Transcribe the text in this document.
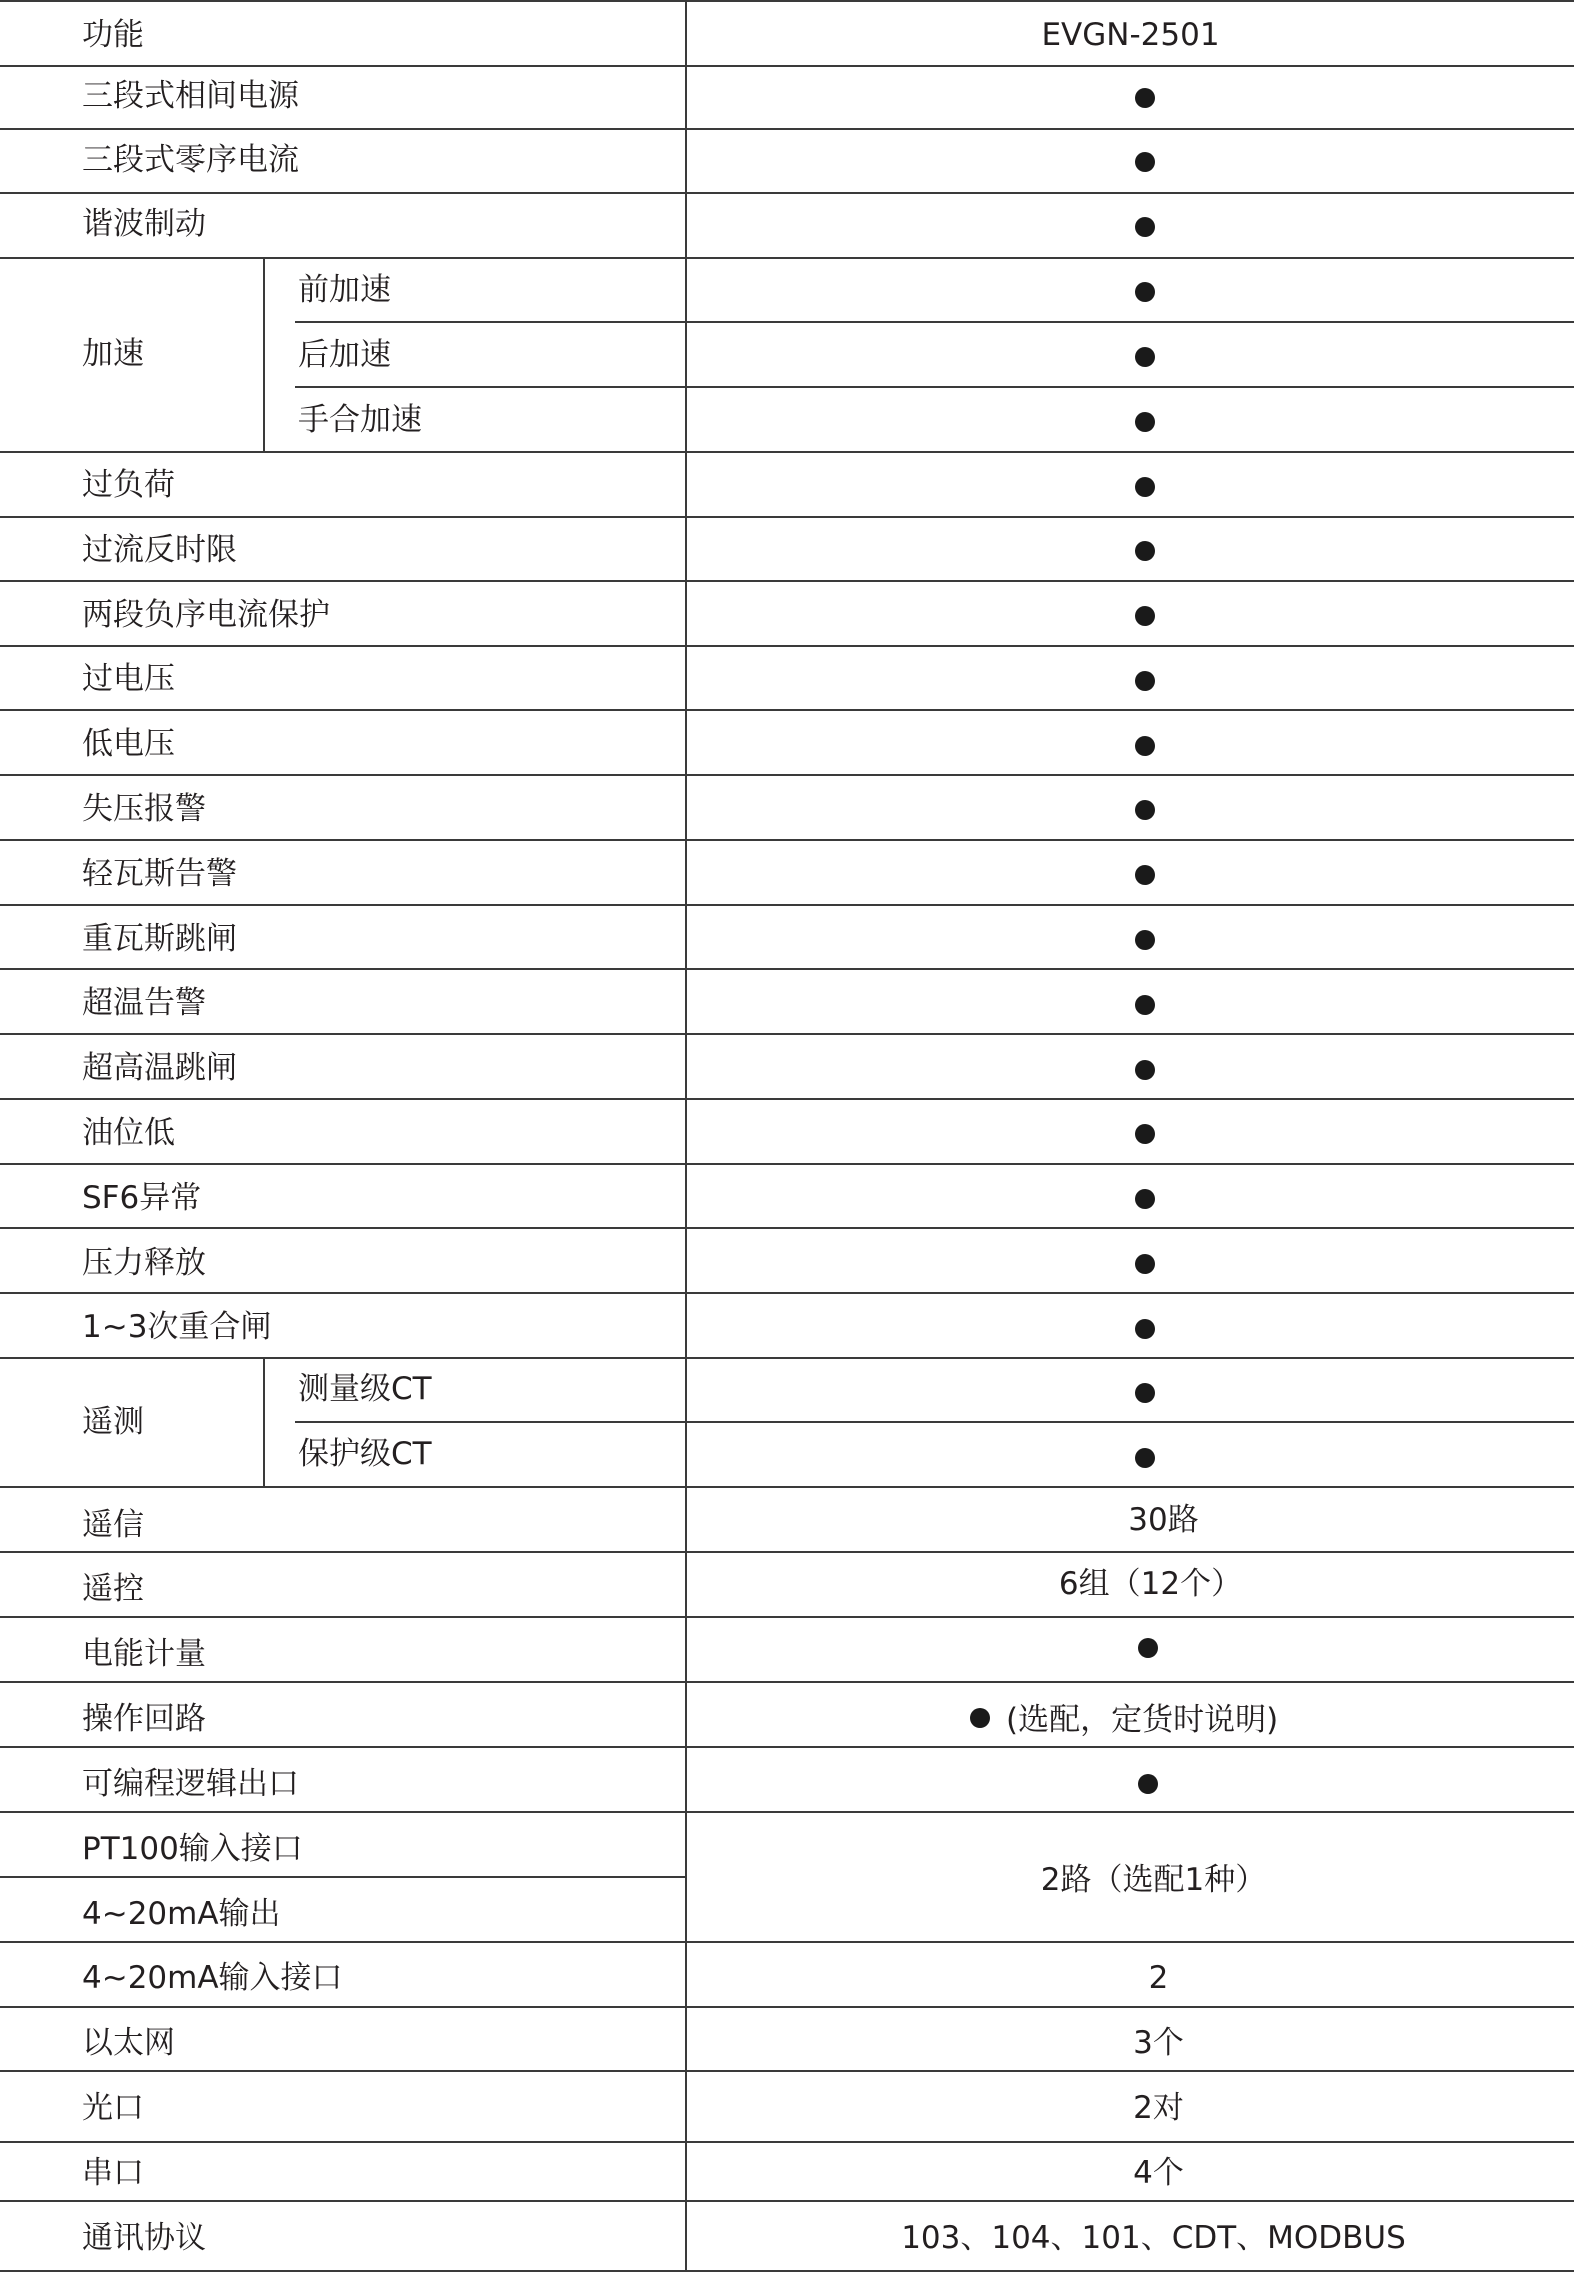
功能	EVGN-2501
三段式相间电源
三段式零序电流
谐波制动
加速
前加速
后加速
手合加速
过负荷
过流反时限
两段负序电流保护
过电压
低电压
失压报警
轻瓦斯告警
重瓦斯跳闸
超温告警
超高温跳闸
油位低
SF6异常
压力释放
1~3次重合闸
遥测
测量级CT
保护级CT
遥信
遥控
电能计量
操作回路
可编程逻辑出口
PT100输入接口
4~20mA输出
4~20mA输入接口
以太网
光口
串口
通讯协议
30路
6组（12个）
(选配，定货时说明)
2路（选配1种）
2
3个
2对
4个
103、104、101、CDT、MODBUS
